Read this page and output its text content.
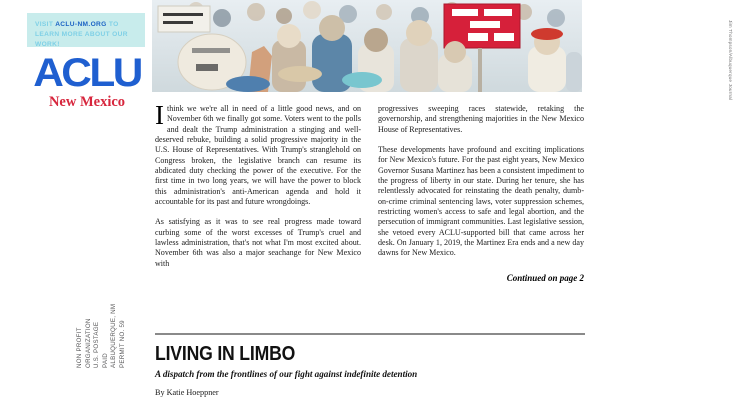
NON PROFIT ORGANIZATION U.S. POSTAGE PAID ALBUQUERQUE, NM PERMIT NO. 59
VISIT ACLU-NM.ORG TO LEARN MORE ABOUT OUR WORK!
ACLU
New Mexico
Jim Thompson/Albuquerque Journal

Ithink we we're all in need of a little good news, and on November 6th we finally got some. Voters went to the polls and dealt the Trump administration a stinging and well-deserved rebuke, building a solid progressive majority in the U.S. House of Representatives. With Trump's stranglehold on Congress broken, the legislative branch can resume its abdicated duty checking the power of the executive. For the first time in two long years, we will have the power to block this administration's anti-American agenda and hold it accountable for its past and future wrongdoings.

As satisfying as it was to see real progress made toward curbing some of the worst excesses of Trump's cruel and lawless administration, that's not what I'm most excited about. November 6th was also a major seachange for New Mexico with

progressives sweeping races statewide, retaking the governorship, and strengthening majorities in the New Mexico House of Representatives.

These developments have profound and exciting implications for New Mexico's future. For the past eight years, New Mexico Governor Susana Martinez has been a consistent impediment to the progress of liberty in our state. During her tenure, she has relentlessly advocated for reinstating the death penalty, dumb-on-crime criminal sentencing laws, voter suppression schemes, restricting women's access to safe and legal abortion, and the persecution of immigrant communities. Last legislative session, she vetoed every ACLU-supported bill that came across her desk. On January 1, 2019, the Martinez Era ends and a new day dawns for New Mexico.

Continued on page 2
LIVING IN LIMBO
A dispatch from the frontlines of our fight against indefinite detention
By Katie Hoeppner
